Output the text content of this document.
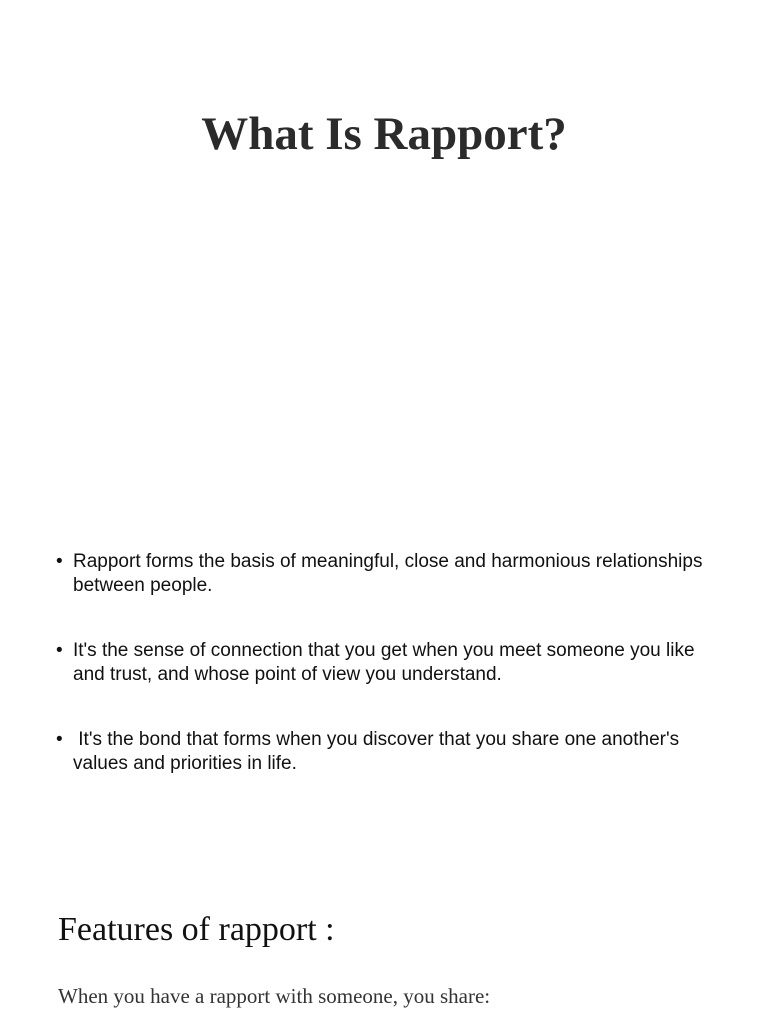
What Is Rapport?
• Rapport forms the basis of meaningful, close and harmonious relationships between people.
• It's the sense of connection that you get when you meet someone you like and trust, and whose point of view you understand.
• It's the bond that forms when you discover that you share one another's values and priorities in life.
Features of rapport :

When you have a rapport with someone, you share:
